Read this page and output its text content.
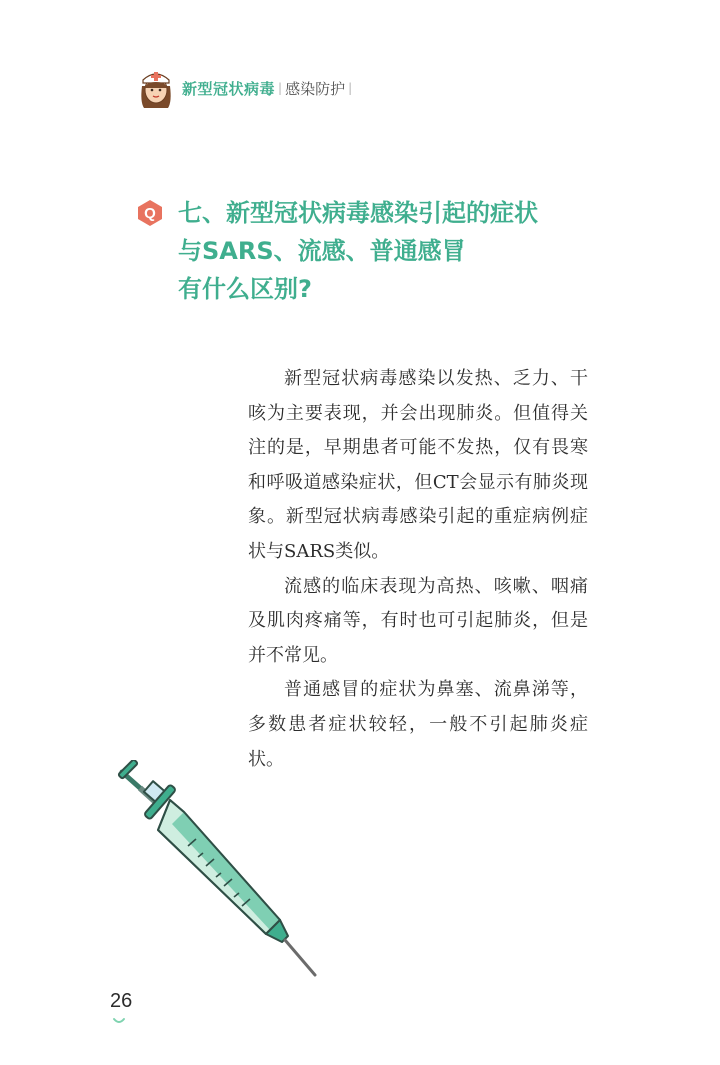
新型冠状病毒 | 感染防护 |
Q 七、新型冠状病毒感染引起的症状
与SARS、流感、普通感冒
有什么区别?

新型冠状病毒感染以发热、乏力、干咳为主要表现，并会出现肺炎。但值得关注的是，早期患者可能不发热，仅有畏寒和呼吸道感染症状，但CT会显示有肺炎现象。新型冠状病毒感染引起的重症病例症状与SARS类似。

流感的临床表现为高热、咳嗽、咽痛及肌肉疼痛等，有时也可引起肺炎，但是并不常见。

普通感冒的症状为鼻塞、流鼻涕等，多数患者症状较轻，一般不引起肺炎症状。

26
